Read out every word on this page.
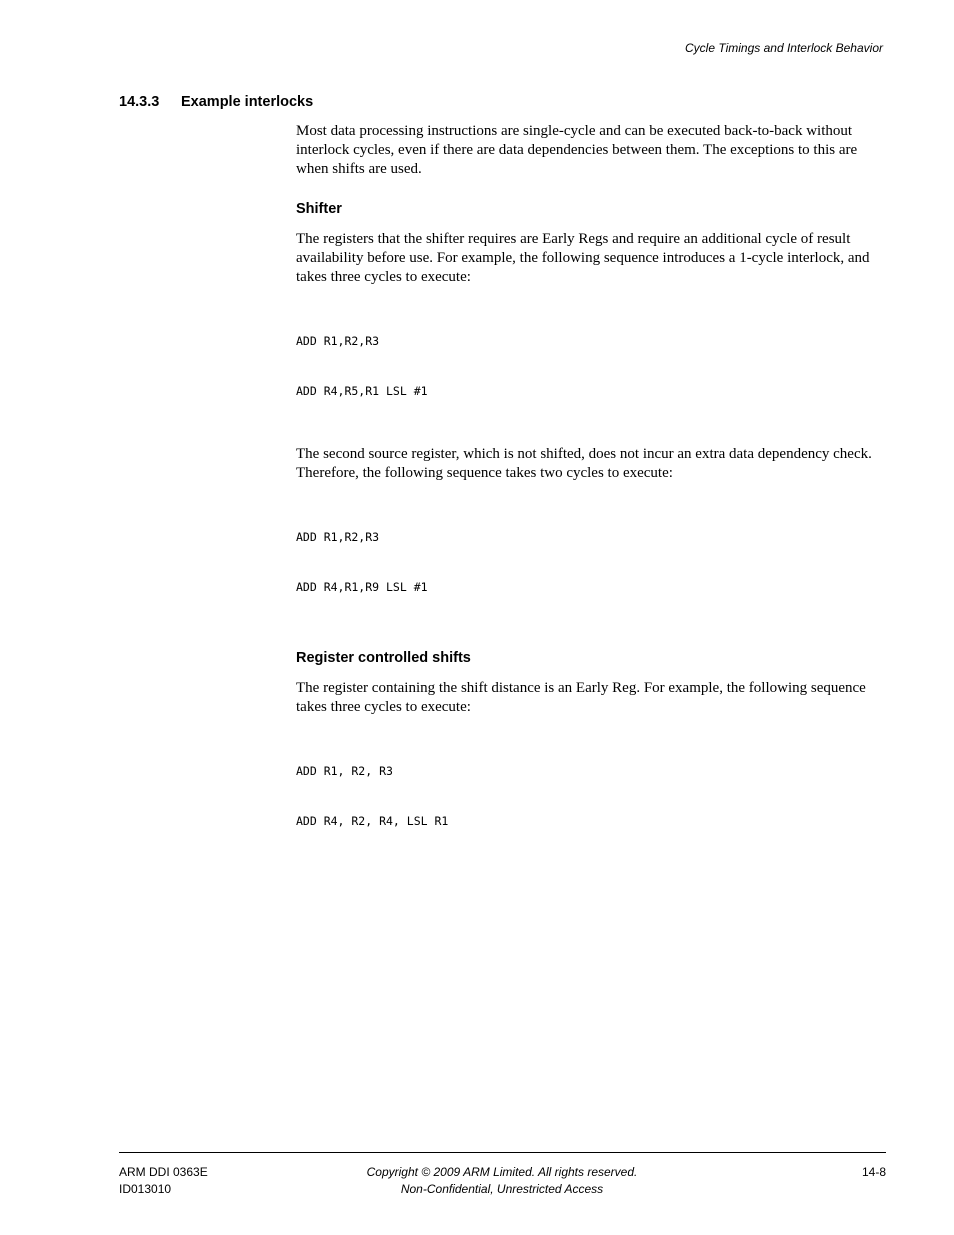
Cycle Timings and Interlock Behavior
14.3.3 Example interlocks

Most data processing instructions are single-cycle and can be executed back-to-back without interlock cycles, even if there are data dependencies between them. The exceptions to this are when shifts are used.

Shifter

The registers that the shifter requires are Early Regs and require an additional cycle of result availability before use. For example, the following sequence introduces a 1-cycle interlock, and takes three cycles to execute:

ADD R1,R2,R3

ADD R4,R5,R1 LSL #1

The second source register, which is not shifted, does not incur an extra data dependency check. Therefore, the following sequence takes two cycles to execute:

ADD R1,R2,R3

ADD R4,R1,R9 LSL #1

Register controlled shifts

The register containing the shift distance is an Early Reg. For example, the following sequence takes three cycles to execute:

ADD R1, R2, R3

ADD R4, R2, R4, LSL R1

ARM DDI 0363E
ID013010
Copyright © 2009 ARM Limited. All rights reserved.
Non-Confidential, Unrestricted Access
14-8
